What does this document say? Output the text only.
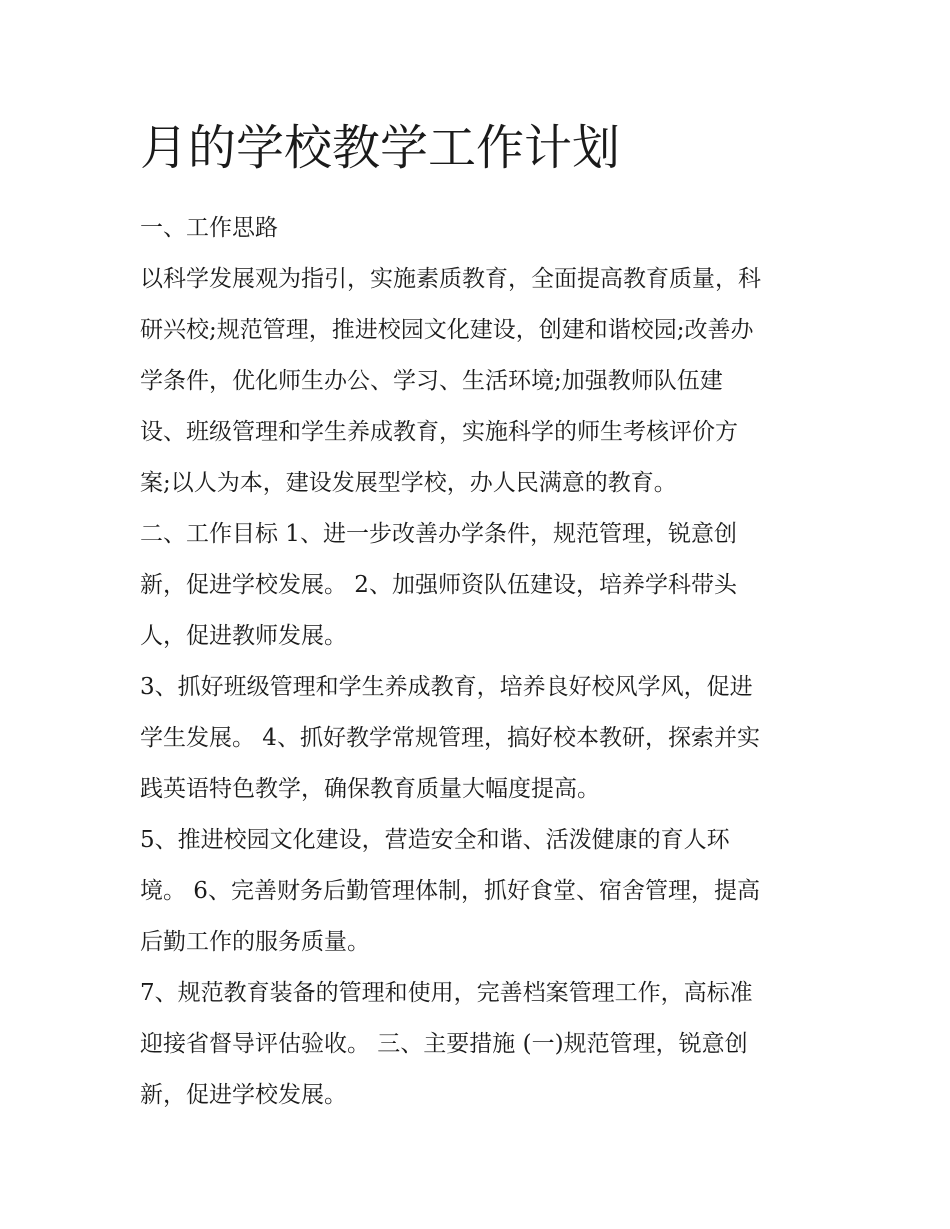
月的学校教学工作计划

一、工作思路

以科学发展观为指引，实施素质教育，全面提高教育质量，科
研兴校;规范管理，推进校园文化建设，创建和谐校园;改善办
学条件，优化师生办公、学习、生活环境;加强教师队伍建
设、班级管理和学生养成教育，实施科学的师生考核评价方
案;以人为本，建设发展型学校，办人民满意的教育。

二、工作目标 1、进一步改善办学条件，规范管理，锐意创
新，促进学校发展。 2、加强师资队伍建设，培养学科带头
人，促进教师发展。

3、抓好班级管理和学生养成教育，培养良好校风学风，促进
学生发展。 4、抓好教学常规管理，搞好校本教研，探索并实
践英语特色教学，确保教育质量大幅度提高。

5、推进校园文化建设，营造安全和谐、活泼健康的育人环
境。 6、完善财务后勤管理体制，抓好食堂、宿舍管理，提高
后勤工作的服务质量。

7、规范教育装备的管理和使用，完善档案管理工作，高标准
迎接省督导评估验收。 三、主要措施 (一)规范管理，锐意创
新，促进学校发展。
